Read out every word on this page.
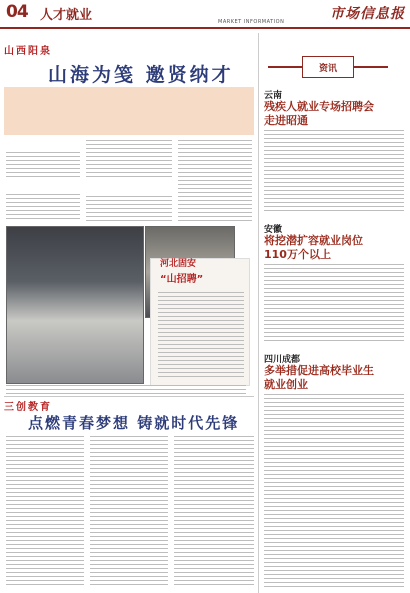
04 人才就业	MARKET INFORMATION	市场信息报
资讯
云南
残疾人就业专场招聘会
走进昭通
安徽
将挖潜扩容就业岗位
110万个以上
四川成都
多举措促进高校毕业生
就业创业
山西阳泉
山海为笺 邀贤纳才
河北固安
“山招聘”
三创教育
点燃青春梦想 铸就时代先锋
